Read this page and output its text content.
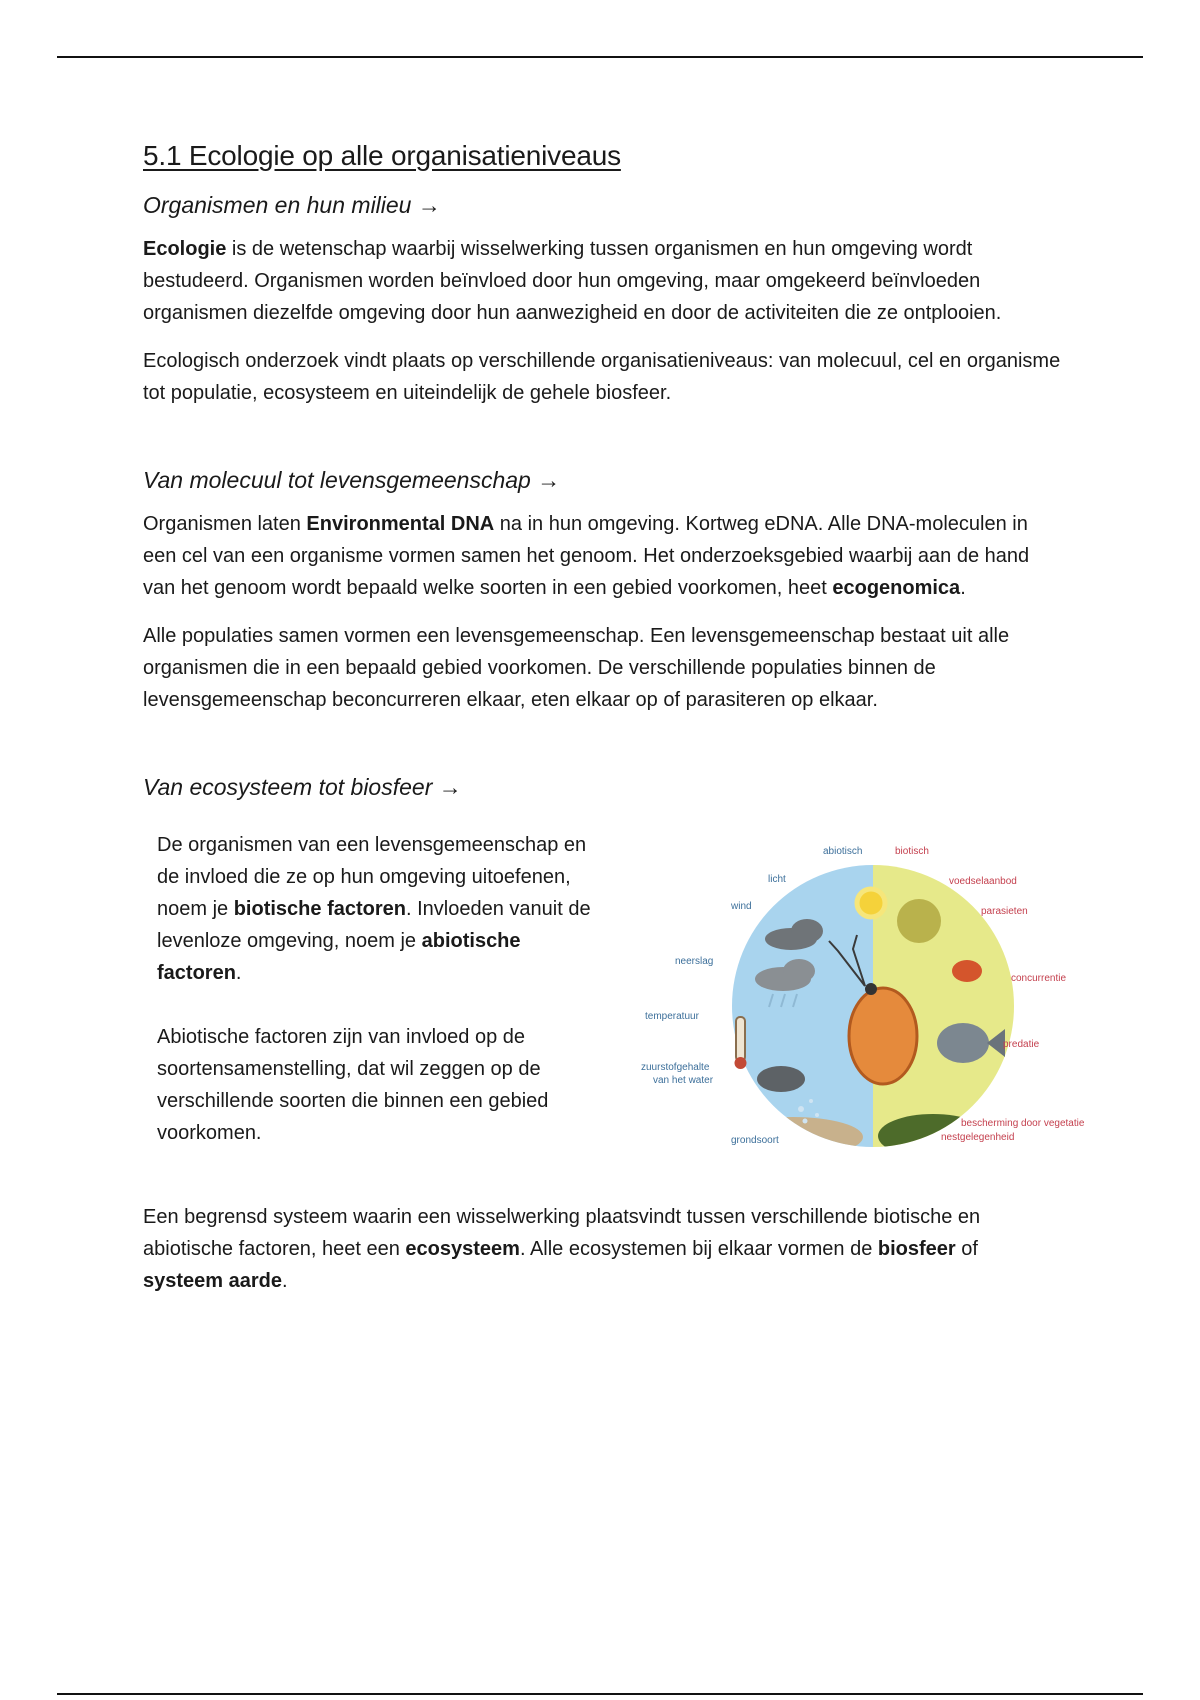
5.1 Ecologie op alle organisatieniveaus
Organismen en hun milieu →

Ecologie is de wetenschap waarbij wisselwerking tussen organismen en hun omgeving wordt bestudeerd. Organismen worden beïnvloed door hun omgeving, maar omgekeerd beïnvloeden organismen diezelfde omgeving door hun aanwezigheid en door de activiteiten die ze ontplooien.

Ecologisch onderzoek vindt plaats op verschillende organisatieniveaus: van molecuul, cel en organisme tot populatie, ecosysteem en uiteindelijk de gehele biosfeer.

Van molecuul tot levensgemeenschap →

Organismen laten Environmental DNA na in hun omgeving. Kortweg eDNA. Alle DNA-moleculen in een cel van een organisme vormen samen het genoom. Het onderzoeksgebied waarbij aan de hand van het genoom wordt bepaald welke soorten in een gebied voorkomen, heet ecogenomica.

Alle populaties samen vormen een levensgemeenschap. Een levensgemeenschap bestaat uit alle organismen die in een bepaald gebied voorkomen. De verschillende populaties binnen de levensgemeenschap beconcurreren elkaar, eten elkaar op of parasiteren op elkaar.

Van ecosysteem tot biosfeer →

De organismen van een levensgemeenschap en de invloed die ze op hun omgeving uitoefenen, noem je biotische factoren. Invloeden vanuit de levenloze omgeving, noem je abiotische factoren.

Abiotische factoren zijn van invloed op de soortensamenstelling, dat wil zeggen op de verschillende soorten die binnen een gebied voorkomen.

abiotisch	biotisch
licht
wind
neerslag
temperatuur
zuurstofgehalte
van het water
grondsoort
voedselaanbod
parasieten
concurrentie
predatie
bescherming door vegetatie
nestgelegenheid

Een begrensd systeem waarin een wisselwerking plaatsvindt tussen verschillende biotische en abiotische factoren, heet een ecosysteem. Alle ecosystemen bij elkaar vormen de biosfeer of systeem aarde.
